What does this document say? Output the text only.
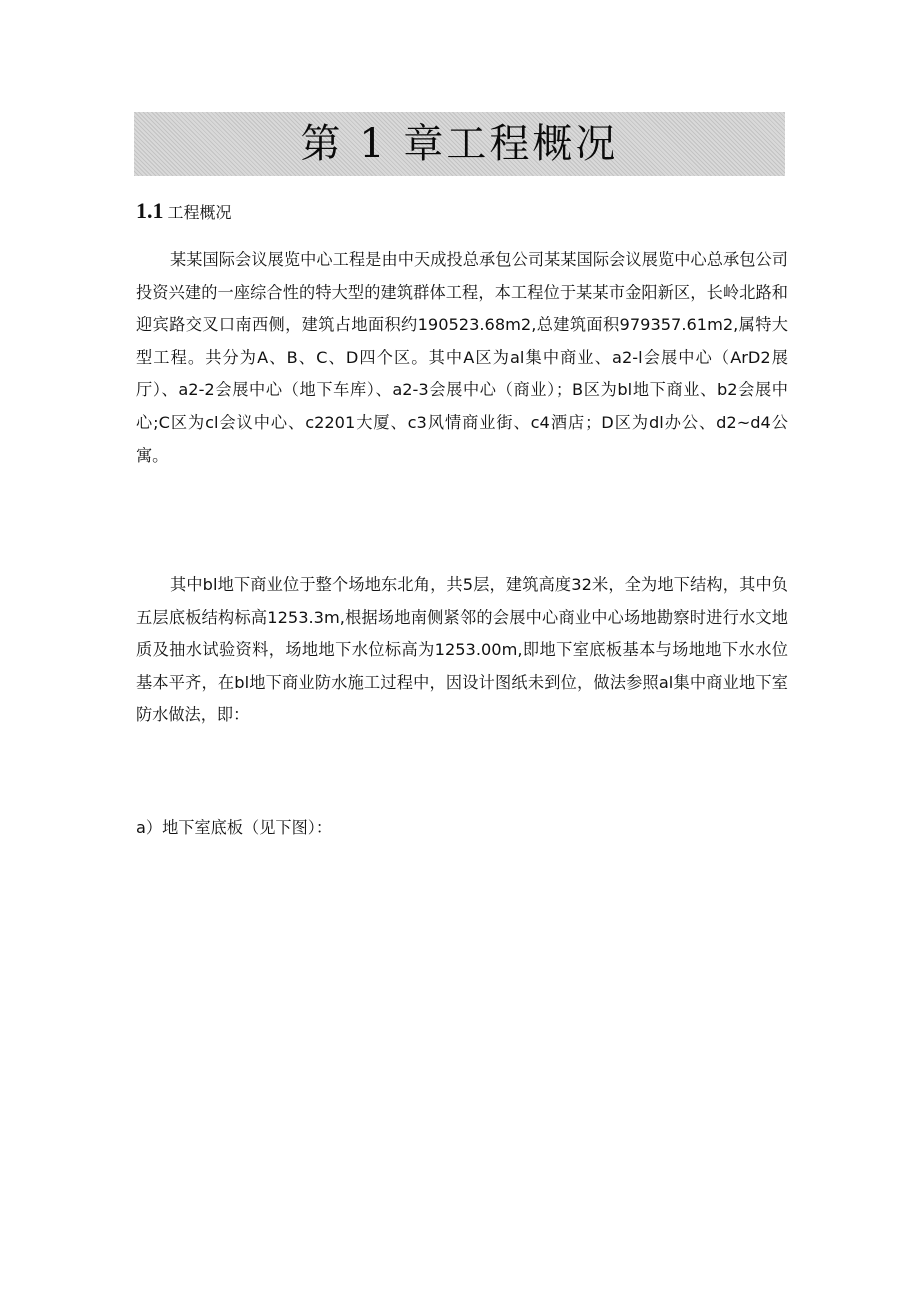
第 1 章工程概况
1.1 工程概况

某某国际会议展览中心工程是由中天成投总承包公司某某国际会议展览中心总承包公司投资兴建的一座综合性的特大型的建筑群体工程，本工程位于某某市金阳新区，长岭北路和迎宾路交叉口南西侧，建筑占地面积约190523.68m2,总建筑面积979357.61m2,属特大型工程。共分为A、B、C、D四个区。其中A区为al集中商业、a2-l会展中心（ArD2展厅）、a2-2会展中心（地下车库）、a2-3会展中心（商业）；B区为bl地下商业、b2会展中心;C区为cl会议中心、c2201大厦、c3风情商业街、c4酒店；D区为dl办公、d2~d4公寓。

其中bl地下商业位于整个场地东北角，共5层，建筑高度32米，全为地下结构，其中负五层底板结构标高1253.3m,根据场地南侧紧邻的会展中心商业中心场地勘察时进行水文地质及抽水试验资料，场地地下水位标高为1253.00m,即地下室底板基本与场地地下水水位基本平齐，在bl地下商业防水施工过程中，因设计图纸未到位，做法参照al集中商业地下室防水做法，即：

a）地下室底板（见下图）：
